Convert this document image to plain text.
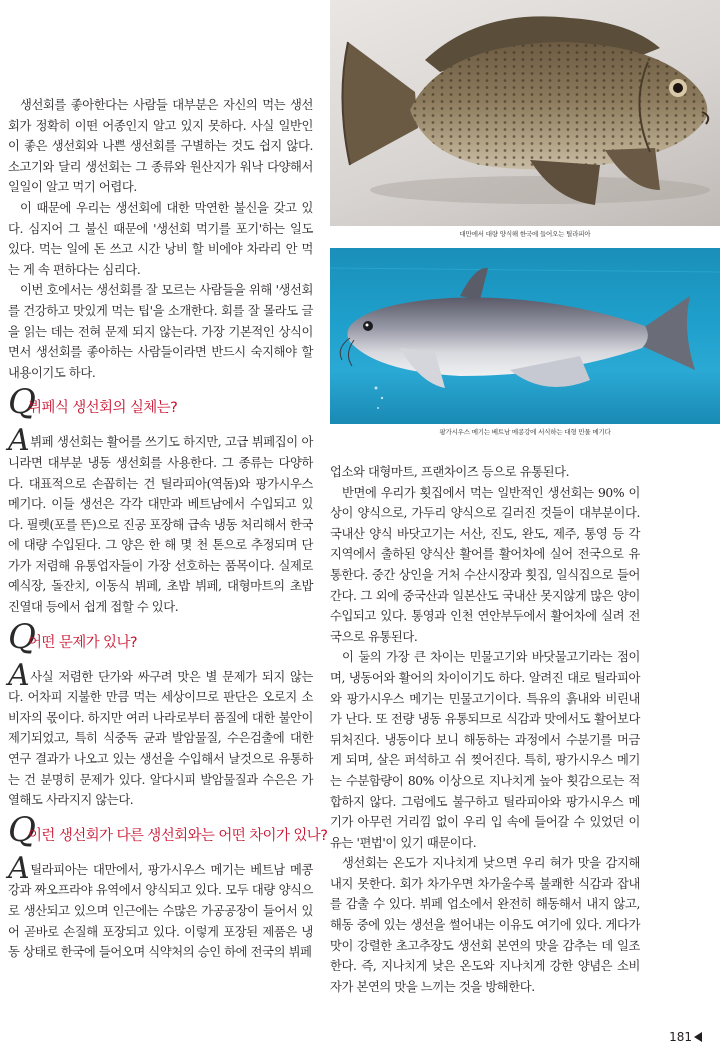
대만에서 대량 양식해 한국에 들어오는 틸라피아
팡가시우스 메기는 베트남 메콩강에 서식하는 대형 민물 메기다

생선회를 좋아한다는 사람들 대부분은 자신의 먹는 생선회가 정확히 이떤 어종인지 알고 있지 못하다. 사실 일반인이 좋은 생선회와 나쁜 생선회를 구별하는 것도 쉽지 않다. 소고기와 달리 생선회는 그 종류와 원산지가 워낙 다양해서 일일이 알고 먹기 어렵다.

이 때문에 우리는 생선회에 대한 막연한 불신을 갖고 있다. 심지어 그 불신 때문에 '생선회 먹기를 포기'하는 일도 있다. 먹는 일에 돈 쓰고 시간 낭비 할 비에야 차라리 안 먹는 게 속 편하다는 심리다.

이번 호에서는 생선회를 잘 모르는 사람들을 위해 '생선회를 건강하고 맛있게 먹는 팁'을 소개한다. 회를 잘 몰라도 글을 읽는 데는 전혀 문제 되지 않는다. 가장 기본적인 상식이면서 생선회를 좋아하는 사람들이라면 반드시 숙지해야 할 내용이기도 하다.

Q
뷔페식 생선회의 실체는?

A뷔페 생선회는 활어를 쓰기도 하지만, 고급 뷔페집이 아니라면 대부분 냉동 생선회를 사용한다. 그 종류는 다양하다. 대표적으로 손꼽히는 건 틸라피아(역돔)와 팡가시우스 메기다. 이들 생선은 각각 대만과 베트남에서 수입되고 있다. 필렛(포를 뜬)으로 진공 포장해 급속 냉동 처리해서 한국에 대량 수입된다. 그 양은 한 해 몇 천 톤으로 추정되며 단가가 저렴해 유통업자들이 가장 선호하는 품목이다. 실제로 예식장, 돌잔치, 이동식 뷔페, 초밥 뷔페, 대형마트의 초밥 진열대 등에서 쉽게 접할 수 있다.

Q
어떤 문제가 있나?

A사실 저렴한 단가와 싸구려 맛은 별 문제가 되지 않는다. 어차피 지불한 만큼 먹는 세상이므로 판단은 오로지 소비자의 몫이다. 하지만 여러 나라로부터 품질에 대한 불안이 제기되었고, 특히 식중독 균과 발암물질, 수은검출에 대한 연구 결과가 나오고 있는 생선을 수입해서 날것으로 유통하는 건 분명히 문제가 있다. 알다시피 발암물질과 수은은 가열해도 사라지지 않는다.

Q
이런 생선회가 다른 생선회와는 어떤 차이가 있나?

A틸라피아는 대만에서, 팡가시우스 메기는 베트남 메콩강과 짜오프라야 유역에서 양식되고 있다. 모두 대량 양식으로 생산되고 있으며 인근에는 수많은 가공공장이 들어서 있어 곧바로 손질해 포장되고 있다. 이렇게 포장된 제품은 냉동 상태로 한국에 들어오며 식약처의 승인 하에 전국의 뷔페

업소와 대형마트, 프랜차이즈 등으로 유통된다.

반면에 우리가 횟집에서 먹는 일반적인 생선회는 90% 이상이 양식으로, 가두리 양식으로 길러진 것들이 대부분이다. 국내산 양식 바닷고기는 서산, 진도, 완도, 제주, 통영 등 각 지역에서 출하된 양식산 활어를 활어차에 실어 전국으로 유통한다. 중간 상인을 거처 수산시장과 횟집, 일식집으로 들어간다. 그 외에 중국산과 일본산도 국내산 못지않게 많은 양이 수입되고 있다. 통영과 인천 연안부두에서 활어차에 실려 전국으로 유통된다.

이 둘의 가장 큰 차이는 민물고기와 바닷물고기라는 점이며, 냉동어와 활어의 차이이기도 하다. 알려진 대로 틸라피아와 팡가시우스 메기는 민물고기이다. 특유의 흙내와 비린내가 난다. 또 전량 냉동 유통되므로 식감과 맛에서도 활어보다 뒤처진다. 냉동이다 보니 해동하는 과정에서 수분기를 머금게 되며, 살은 퍼석하고 쉬 찢어진다. 특히, 팡가시우스 메기는 수분함량이 80% 이상으로 지나치게 높아 횟감으로는 적합하지 않다. 그럼에도 불구하고 틸라피아와 팡가시우스 메기가 아무런 거리낌 없이 우리 입 속에 들어갈 수 있었던 이유는 '편법'이 있기 때문이다.

생선회는 온도가 지나치게 낮으면 우리 혀가 맛을 감지해내지 못한다. 회가 차가우면 차가울수록 불쾌한 식감과 잡내를 감출 수 있다. 뷔페 업소에서 완전히 해동해서 내지 않고, 해동 중에 있는 생선을 썰어내는 이유도 여기에 있다. 게다가 맛이 강렬한 초고추장도 생선회 본연의 맛을 감추는 데 일조한다. 즉, 지나치게 낮은 온도와 지나치게 강한 양념은 소비자가 본연의 맛을 느끼는 것을 방해한다.

181
